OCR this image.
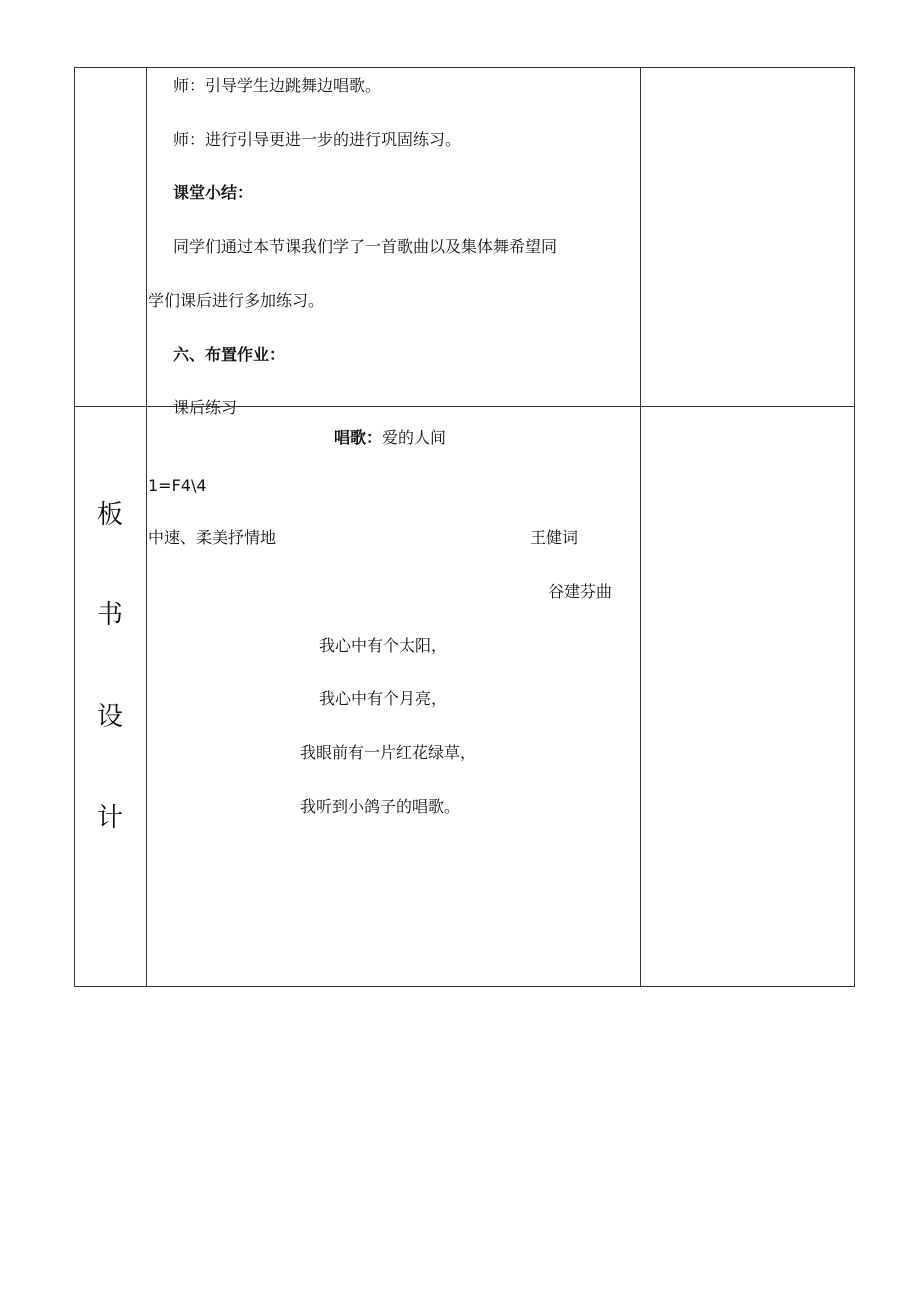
师：引导学生边跳舞边唱歌。
师：进行引导更进一步的进行巩固练习。
课堂小结：
同学们通过本节课我们学了一首歌曲以及集体舞希望同
学们课后进行多加练习。
六、布置作业：
课后练习
板
书
设
计
唱歌：爱的人间
1=F4\4
中速、柔美抒情地	王健词
谷建芬曲
我心中有个太阳，
我心中有个月亮，
我眼前有一片红花绿草，
我听到小鸽子的唱歌。
